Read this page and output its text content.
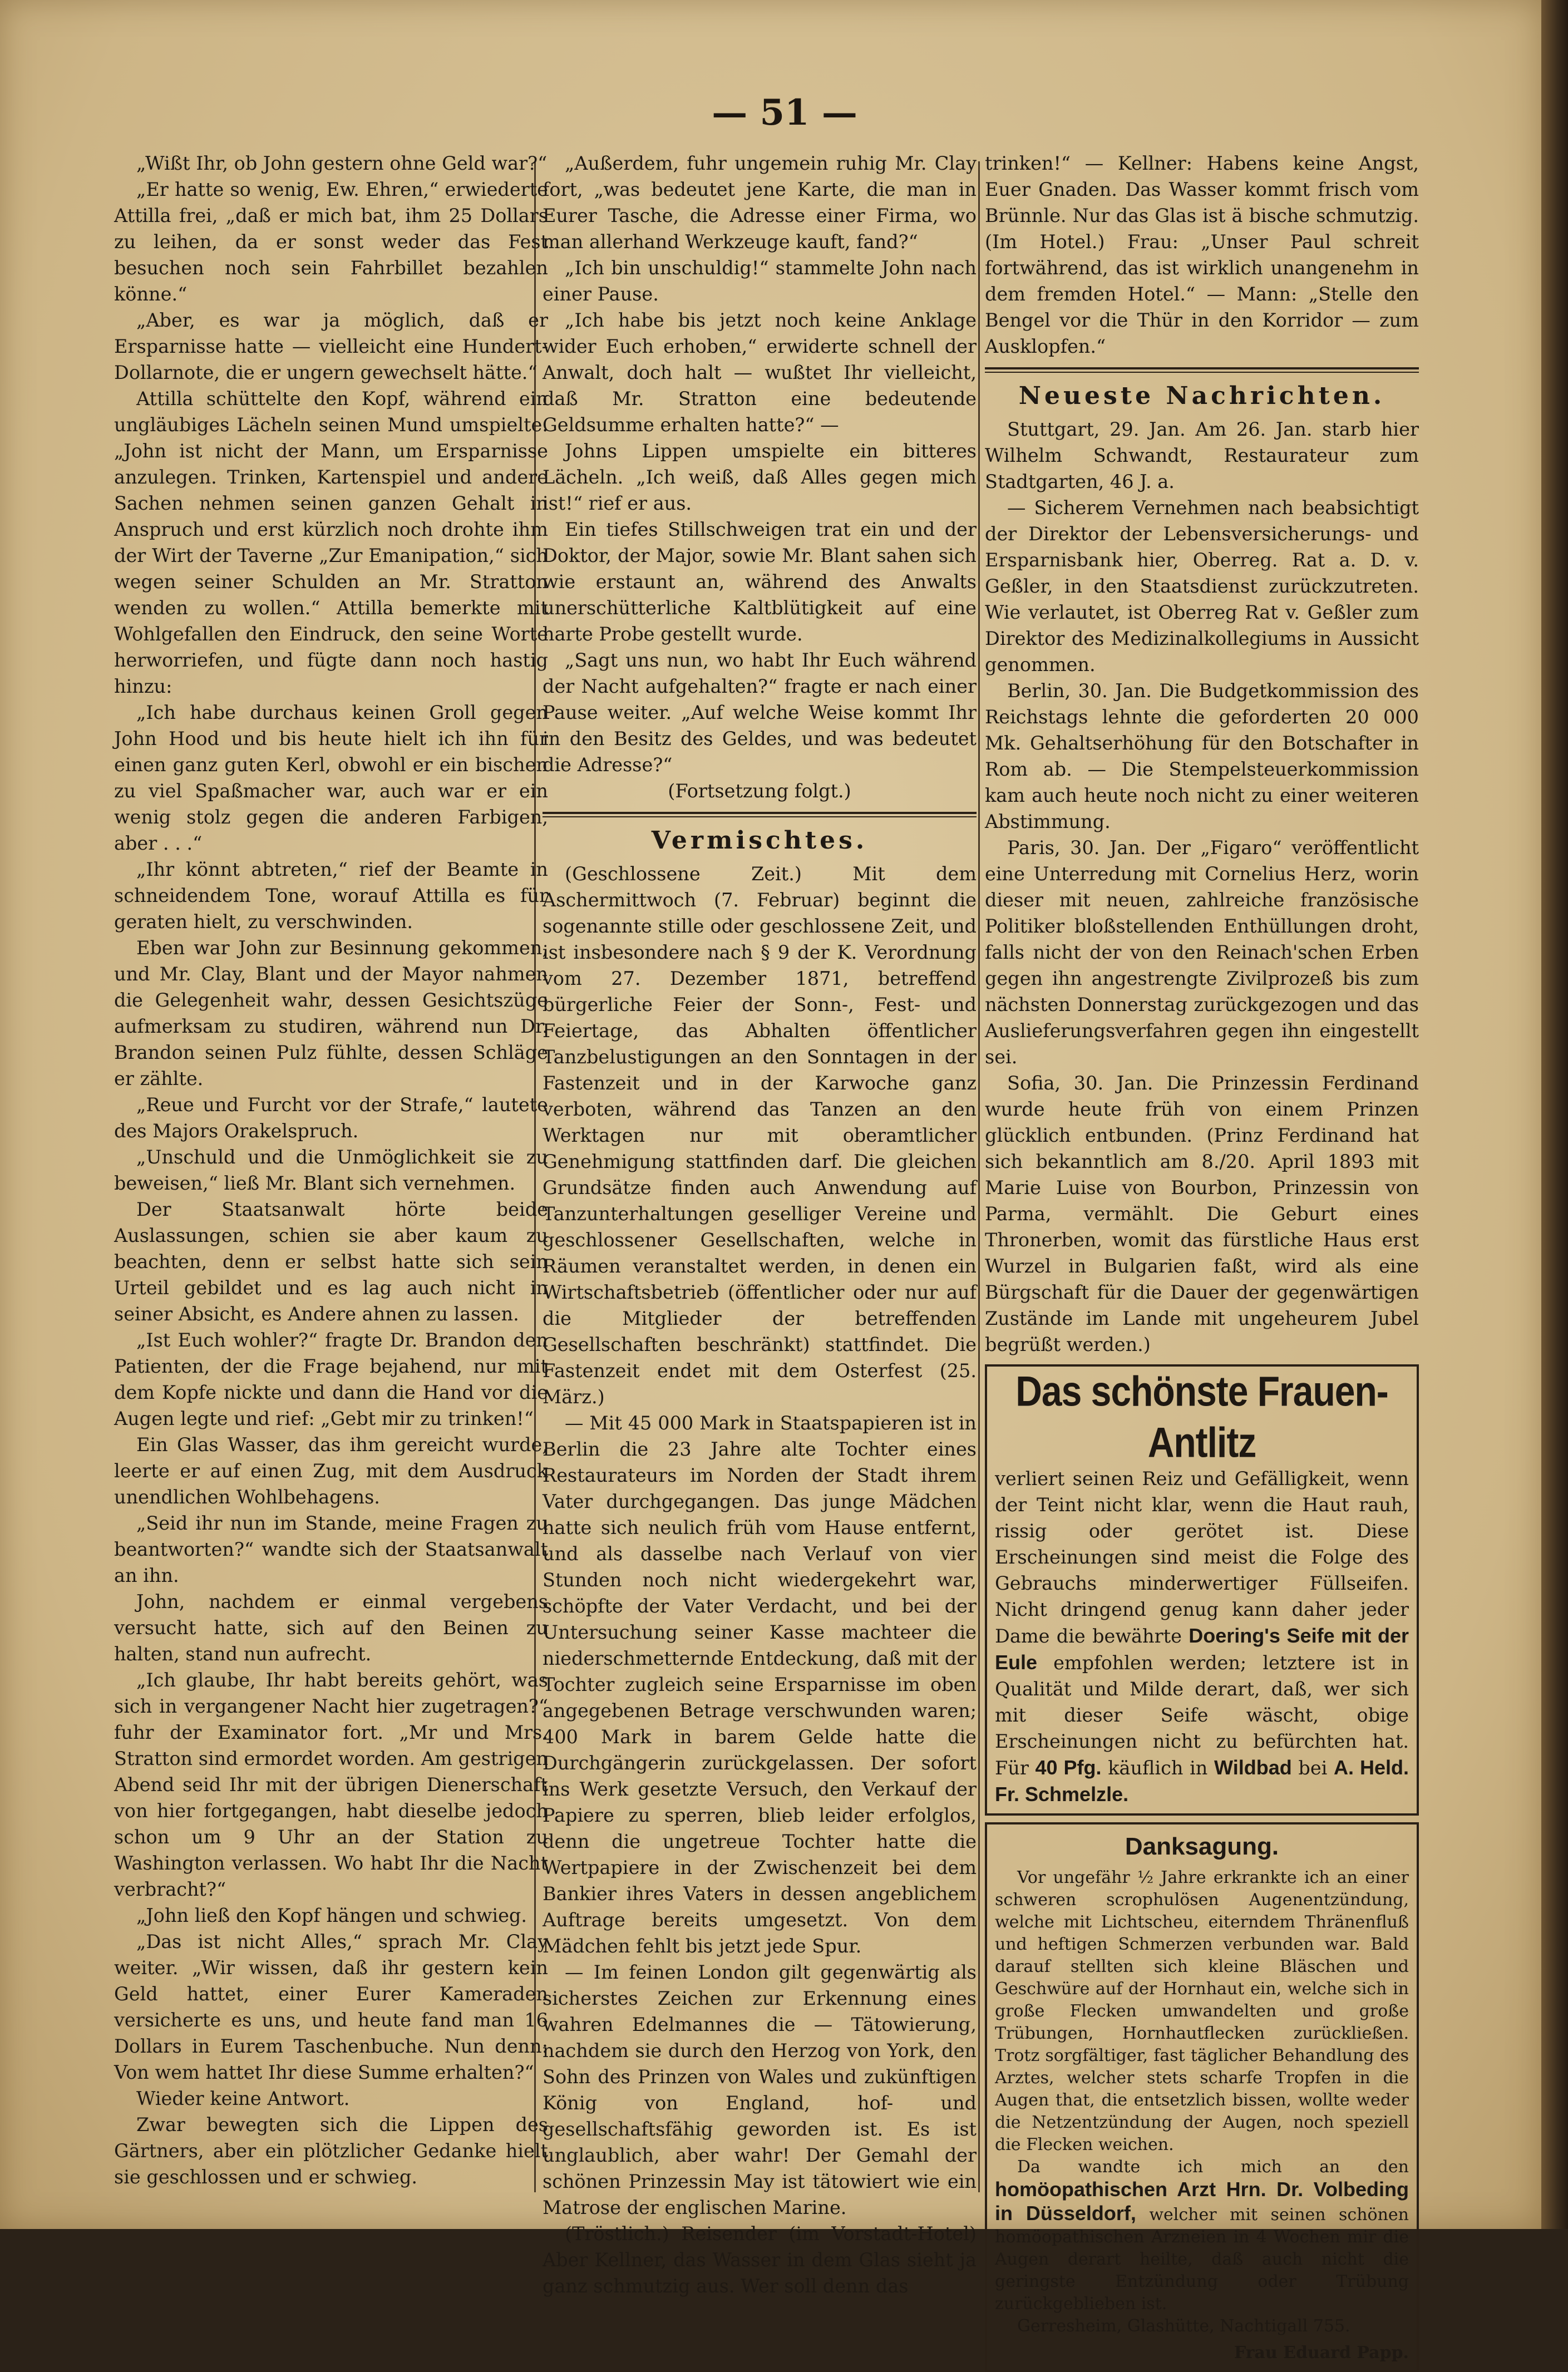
— 51 —

„Wißt Ihr, ob John gestern ohne Geld war?“

„Er hatte so wenig, Ew. Ehren,“ erwiederte Attilla frei, „daß er mich bat, ihm 25 Dollars zu leihen, da er sonst weder das Fest besuchen noch sein Fahrbillet bezahlen könne.“

„Aber, es war ja möglich, daß er Ersparnisse hatte — vielleicht eine Hundert-Dollarnote, die er ungern gewechselt hätte.“

Attilla schüttelte den Kopf, während ein ungläubiges Lächeln seinen Mund umspielte. „John ist nicht der Mann, um Ersparnisse anzulegen. Trinken, Kartenspiel und andere Sachen nehmen seinen ganzen Gehalt in Anspruch und erst kürzlich noch drohte ihm der Wirt der Taverne „Zur Emanipation,“ sich wegen seiner Schulden an Mr. Stratton wenden zu wollen.“ Attilla bemerkte mit Wohlgefallen den Eindruck, den seine Worte herworriefen, und fügte dann noch hastig hinzu:

„Ich habe durchaus keinen Groll gegen John Hood und bis heute hielt ich ihn für einen ganz guten Kerl, obwohl er ein bischen zu viel Spaßmacher war, auch war er ein wenig stolz gegen die anderen Farbigen, aber . . .“

„Ihr könnt abtreten,“ rief der Beamte in schneidendem Tone, worauf Attilla es für geraten hielt, zu verschwinden.

Eben war John zur Besinnung gekommen, und Mr. Clay, Blant und der Mayor nahmen die Gelegenheit wahr, dessen Gesichtszüge aufmerksam zu studiren, während nun Dr. Brandon seinen Pulz fühlte, dessen Schläge er zählte.

„Reue und Furcht vor der Strafe,“ lautete des Majors Orakelspruch.

„Unschuld und die Unmöglichkeit sie zu beweisen,“ ließ Mr. Blant sich vernehmen.

Der Staatsanwalt hörte beide Auslassungen, schien sie aber kaum zu beachten, denn er selbst hatte sich sein Urteil gebildet und es lag auch nicht in seiner Absicht, es Andere ahnen zu lassen.

„Ist Euch wohler?“ fragte Dr. Brandon den Patienten, der die Frage bejahend, nur mit dem Kopfe nickte und dann die Hand vor die Augen legte und rief: „Gebt mir zu trinken!“

Ein Glas Wasser, das ihm gereicht wurde, leerte er auf einen Zug, mit dem Ausdruck unendlichen Wohlbehagens.

„Seid ihr nun im Stande, meine Fragen zu beantworten?“ wandte sich der Staatsanwalt an ihn.

John, nachdem er einmal vergebens versucht hatte, sich auf den Beinen zu halten, stand nun aufrecht.

„Ich glaube, Ihr habt bereits gehört, was sich in vergangener Nacht hier zugetragen?“ fuhr der Examinator fort. „Mr und Mrs. Stratton sind ermordet worden. Am gestrigen Abend seid Ihr mit der übrigen Dienerschaft von hier fortgegangen, habt dieselbe jedoch schon um 9 Uhr an der Station zu Washington verlassen. Wo habt Ihr die Nacht verbracht?“

„John ließ den Kopf hängen und schwieg.

„Das ist nicht Alles,“ sprach Mr. Clay weiter. „Wir wissen, daß ihr gestern kein Geld hattet, einer Eurer Kameraden versicherte es uns, und heute fand man 16 Dollars in Eurem Taschenbuche. Nun denn: Von wem hattet Ihr diese Summe erhalten?“

Wieder keine Antwort.

Zwar bewegten sich die Lippen des Gärtners, aber ein plötzlicher Gedanke hielt sie geschlossen und er schwieg.

„Außerdem, fuhr ungemein ruhig Mr. Clay fort, „was bedeutet jene Karte, die man in Eurer Tasche, die Adresse einer Firma, wo man allerhand Werkzeuge kauft, fand?“

„Ich bin unschuldig!“ stammelte John nach einer Pause.

„Ich habe bis jetzt noch keine Anklage wider Euch erhoben,“ erwiderte schnell der Anwalt, doch halt — wußtet Ihr vielleicht, daß Mr. Stratton eine bedeutende Geldsumme erhalten hatte?“ —

Johns Lippen umspielte ein bitteres Lächeln. „Ich weiß, daß Alles gegen mich ist!“ rief er aus.

Ein tiefes Stillschweigen trat ein und der Doktor, der Major, sowie Mr. Blant sahen sich wie erstaunt an, während des Anwalts unerschütterliche Kaltblütigkeit auf eine harte Probe gestellt wurde.

„Sagt uns nun, wo habt Ihr Euch während der Nacht aufgehalten?“ fragte er nach einer Pause weiter. „Auf welche Weise kommt Ihr in den Besitz des Geldes, und was bedeutet die Adresse?“

(Fortsetzung folgt.)

Vermischtes.

(Geschlossene Zeit.) Mit dem Aschermittwoch (7. Februar) beginnt die sogenannte stille oder geschlossene Zeit, und ist insbesondere nach § 9 der K. Verordnung vom 27. Dezember 1871, betreffend bürgerliche Feier der Sonn-, Fest- und Feiertage, das Abhalten öffentlicher Tanzbelustigungen an den Sonntagen in der Fastenzeit und in der Karwoche ganz verboten, während das Tanzen an den Werktagen nur mit oberamtlicher Genehmigung stattfinden darf. Die gleichen Grundsätze finden auch Anwendung auf Tanzunterhaltungen geselliger Vereine und geschlossener Gesellschaften, welche in Räumen veranstaltet werden, in denen ein Wirtschaftsbetrieb (öffentlicher oder nur auf die Mitglieder der betreffenden Gesellschaften beschränkt) stattfindet. Die Fastenzeit endet mit dem Osterfest (25. März.)

— Mit 45 000 Mark in Staatspapieren ist in Berlin die 23 Jahre alte Tochter eines Restaurateurs im Norden der Stadt ihrem Vater durchgegangen. Das junge Mädchen hatte sich neulich früh vom Hause entfernt, und als dasselbe nach Verlauf von vier Stunden noch nicht wiedergekehrt war, schöpfte der Vater Verdacht, und bei der Untersuchung seiner Kasse machteer die niederschmetternde Entdeckung, daß mit der Tochter zugleich seine Ersparnisse im oben angegebenen Betrage verschwunden waren; 400 Mark in barem Gelde hatte die Durchgängerin zurückgelassen. Der sofort ins Werk gesetzte Versuch, den Verkauf der Papiere zu sperren, blieb leider erfolglos, denn die ungetreue Tochter hatte die Wertpapiere in der Zwischenzeit bei dem Bankier ihres Vaters in dessen angeblichem Auftrage bereits umgesetzt. Von dem Mädchen fehlt bis jetzt jede Spur.

— Im feinen London gilt gegenwärtig als sicherstes Zeichen zur Erkennung eines wahren Edelmannes die — Tätowierung, nachdem sie durch den Herzog von York, den Sohn des Prinzen von Wales und zukünftigen König von England, hof- und gesellschaftsfähig geworden ist. Es ist unglaublich, aber wahr! Der Gemahl der schönen Prinzessin May ist tätowiert wie ein Matrose der englischen Marine.

(Tröstlich.) Reisender (im Vorstadt-Hotel) Aber Kellner, das Wasser in dem Glas sieht ja ganz schmutzig aus. Wer soll denn das

trinken!“ — Kellner: Habens keine Angst, Euer Gnaden. Das Wasser kommt frisch vom Brünnle. Nur das Glas ist ä bische schmutzig. (Im Hotel.) Frau: „Unser Paul schreit fortwährend, das ist wirklich unangenehm in dem fremden Hotel.“ — Mann: „Stelle den Bengel vor die Thür in den Korridor — zum Ausklopfen.“

Neueste Nachrichten.

Stuttgart, 29. Jan. Am 26. Jan. starb hier Wilhelm Schwandt, Restaurateur zum Stadtgarten, 46 J. a.

— Sicherem Vernehmen nach beabsichtigt der Direktor der Lebensversicherungs- und Ersparnisbank hier, Oberreg. Rat a. D. v. Geßler, in den Staatsdienst zurückzutreten. Wie verlautet, ist Oberreg Rat v. Geßler zum Direktor des Medizinalkollegiums in Aussicht genommen.

Berlin, 30. Jan. Die Budgetkommission des Reichstags lehnte die geforderten 20 000 Mk. Gehaltserhöhung für den Botschafter in Rom ab. — Die Stempelsteuerkommission kam auch heute noch nicht zu einer weiteren Abstimmung.

Paris, 30. Jan. Der „Figaro“ veröffentlicht eine Unterredung mit Cornelius Herz, worin dieser mit neuen, zahlreiche französische Politiker bloßstellenden Enthüllungen droht, falls nicht der von den Reinach'schen Erben gegen ihn angestrengte Zivilprozeß bis zum nächsten Donnerstag zurückgezogen und das Auslieferungsverfahren gegen ihn eingestellt sei.

Sofia, 30. Jan. Die Prinzessin Ferdinand wurde heute früh von einem Prinzen glücklich entbunden. (Prinz Ferdinand hat sich bekanntlich am 8./20. April 1893 mit Marie Luise von Bourbon, Prinzessin von Parma, vermählt. Die Geburt eines Thronerben, womit das fürstliche Haus erst Wurzel in Bulgarien faßt, wird als eine Bürgschaft für die Dauer der gegenwärtigen Zustände im Lande mit ungeheurem Jubel begrüßt werden.)

Das schönste Frauen-Antlitz

verliert seinen Reiz und Gefälligkeit, wenn der Teint nicht klar, wenn die Haut rauh, rissig oder gerötet ist. Diese Erscheinungen sind meist die Folge des Gebrauchs minderwertiger Füllseifen. Nicht dringend genug kann daher jeder Dame die bewährte Doering's Seife mit der Eule empfohlen werden; letztere ist in Qualität und Milde derart, daß, wer sich mit dieser Seife wäscht, obige Erscheinungen nicht zu befürchten hat. Für 40 Pfg. käuflich in Wildbad bei A. Held. Fr. Schmelzle.

Danksagung.

Vor ungefähr ½ Jahre erkrankte ich an einer schweren scrophulösen Augenentzündung, welche mit Lichtscheu, eiterndem Thränenfluß und heftigen Schmerzen verbunden war. Bald darauf stellten sich kleine Bläschen und Geschwüre auf der Hornhaut ein, welche sich in große Flecken umwandelten und große Trübungen, Hornhautflecken zurückließen. Trotz sorgfältiger, fast täglicher Behandlung des Arztes, welcher stets scharfe Tropfen in die Augen that, die entsetzlich bissen, wollte weder die Netzentzündung der Augen, noch speziell die Flecken weichen.

Da wandte ich mich an den homöopathischen Arzt Hrn. Dr. Volbeding in Düsseldorf, welcher mit seinen schönen homöopathischen Arzneien in 4 Wochen mir die Augen derart heilte, daß auch nicht die geringste Entzündung oder Trübung zurückgeblieben ist.

Gerresheim, Glashütte, Nachtigall 755.

Frau Eduard Papp.
